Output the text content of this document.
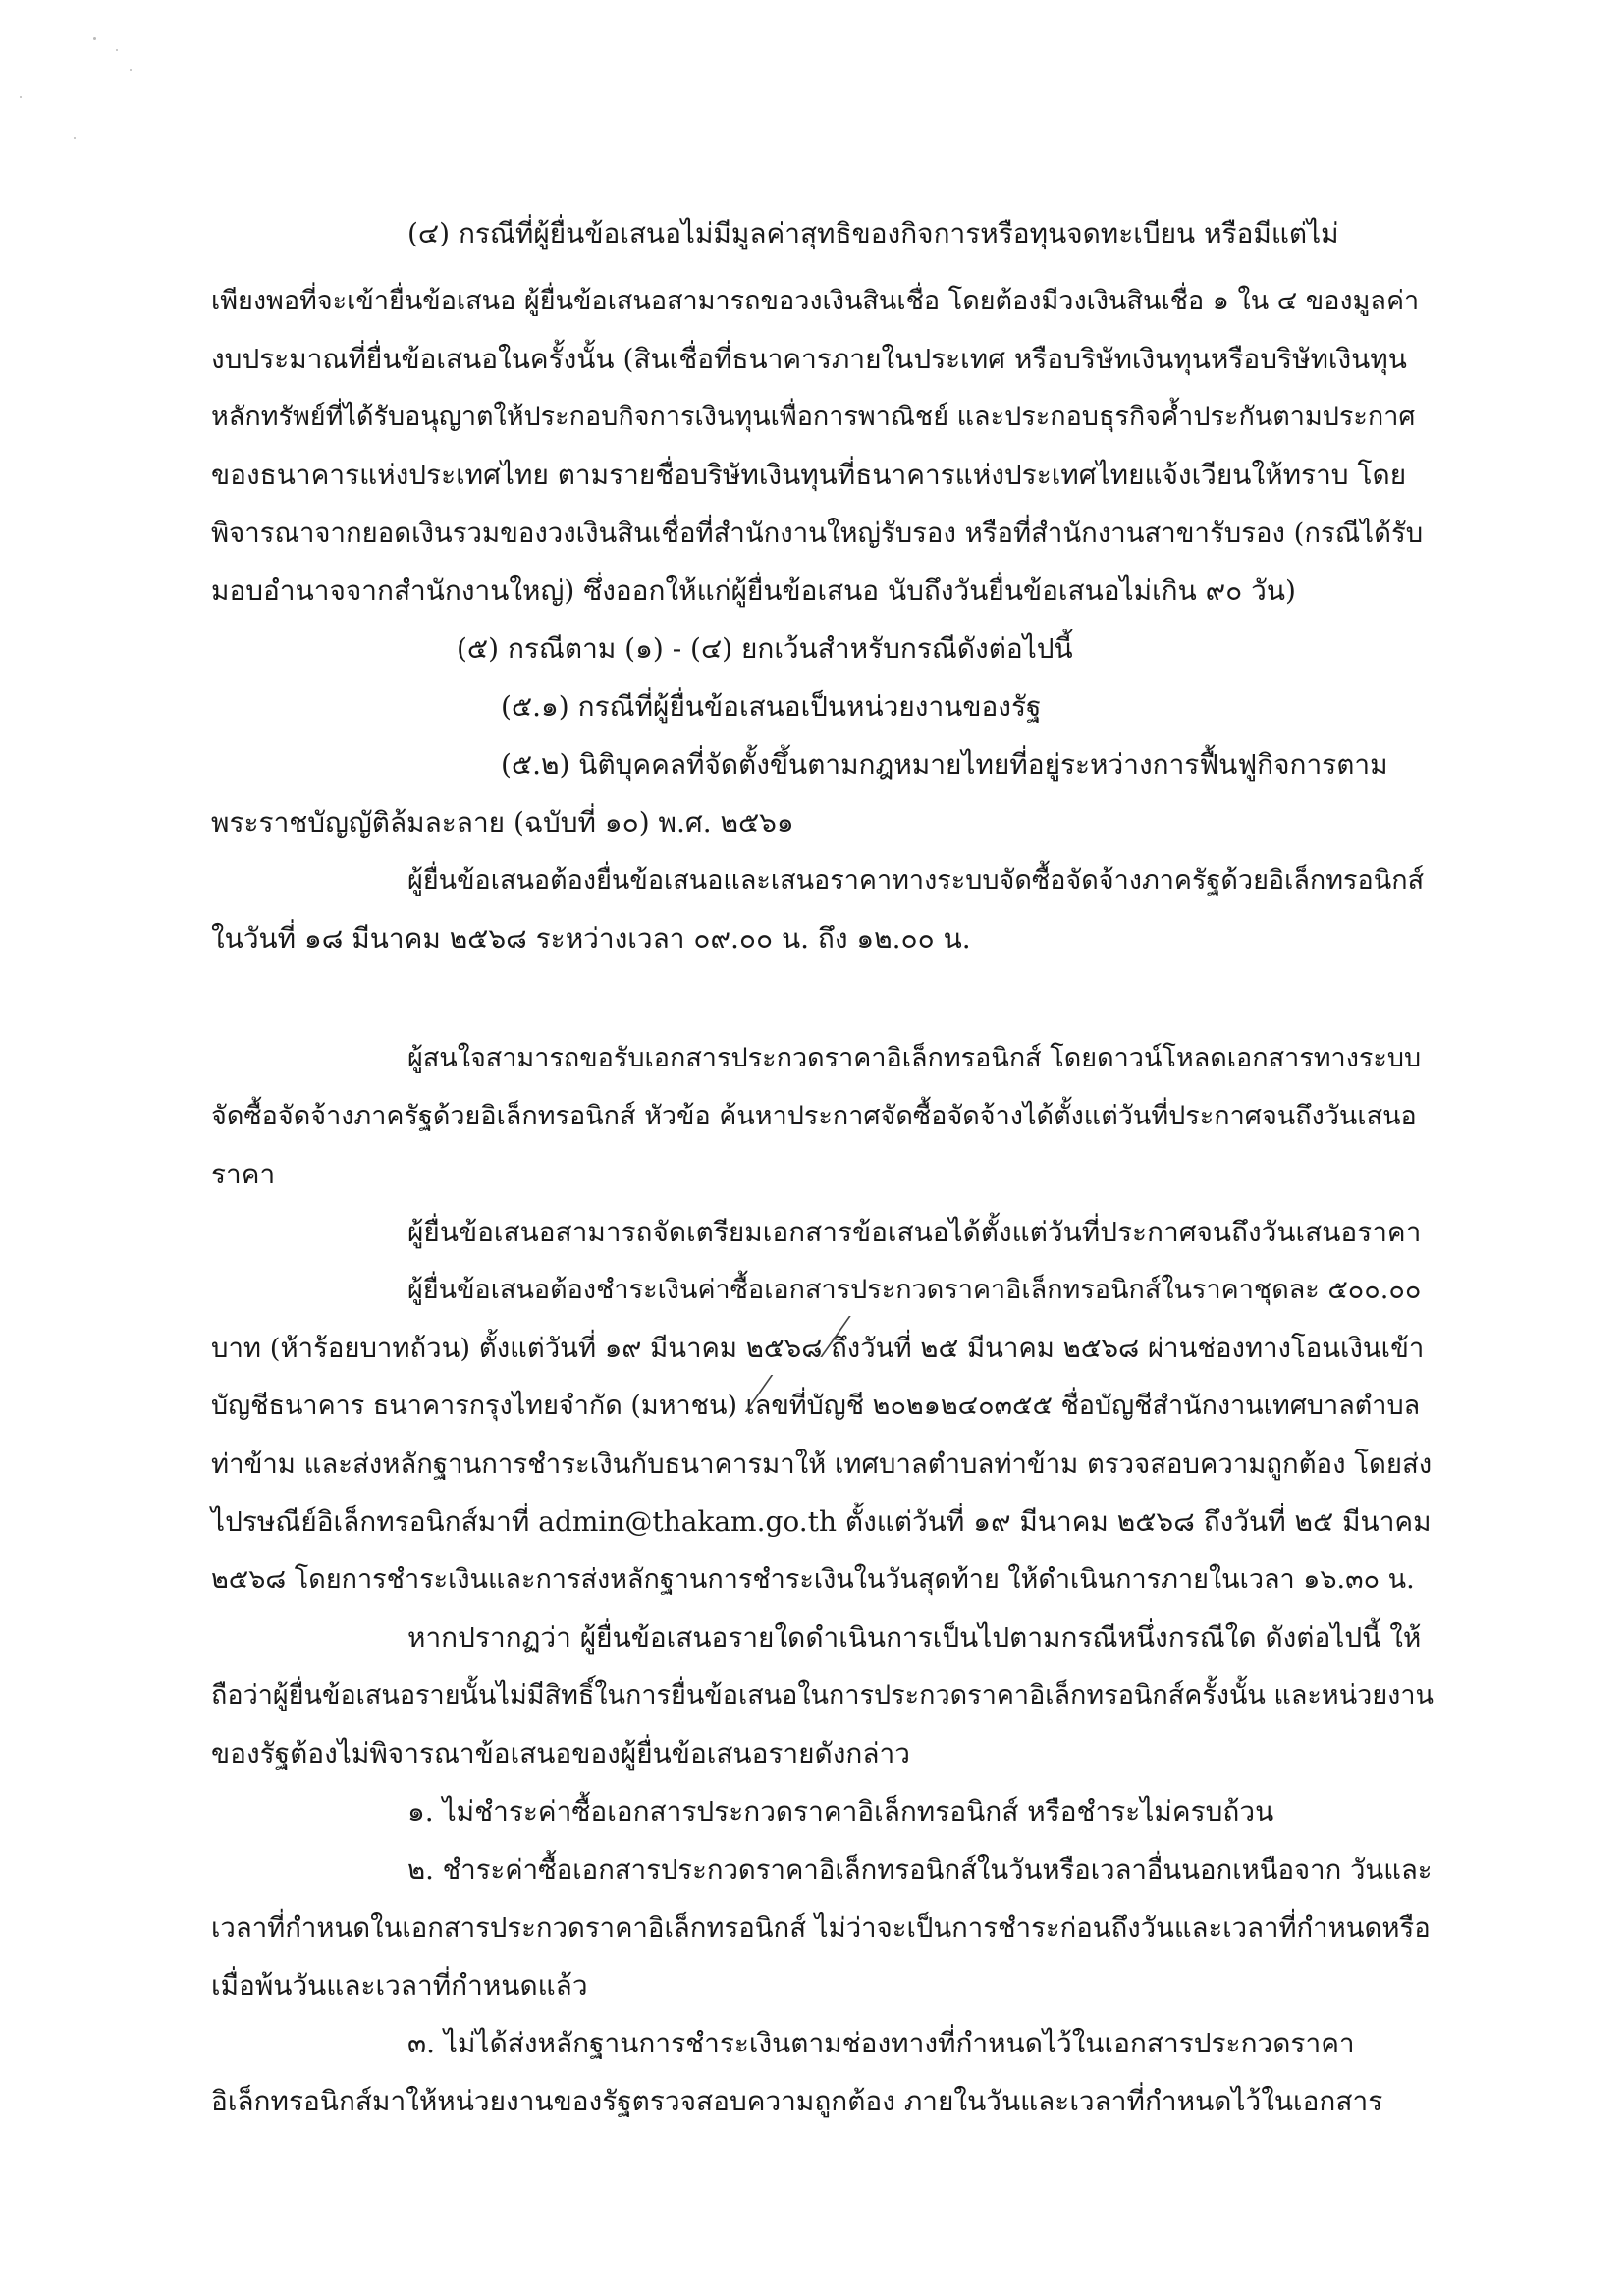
(๔) กรณีที่ผู้ยื่นข้อเสนอไม่มีมูลค่าสุทธิของกิจการหรือทุนจดทะเบียน หรือมีแต่ไม่
เพียงพอที่จะเข้ายื่นข้อเสนอ ผู้ยื่นข้อเสนอสามารถขอวงเงินสินเชื่อ โดยต้องมีวงเงินสินเชื่อ ๑ ใน ๔ ของมูลค่า
งบประมาณที่ยื่นข้อเสนอในครั้งนั้น (สินเชื่อที่ธนาคารภายในประเทศ หรือบริษัทเงินทุนหรือบริษัทเงินทุน
หลักทรัพย์ที่ได้รับอนุญาตให้ประกอบกิจการเงินทุนเพื่อการพาณิชย์ และประกอบธุรกิจค้ำประกันตามประกาศ
ของธนาคารแห่งประเทศไทย ตามรายชื่อบริษัทเงินทุนที่ธนาคารแห่งประเทศไทยแจ้งเวียนให้ทราบ โดย
พิจารณาจากยอดเงินรวมของวงเงินสินเชื่อที่สำนักงานใหญ่รับรอง หรือที่สำนักงานสาขารับรอง (กรณีได้รับ
มอบอำนาจจากสำนักงานใหญ่) ซึ่งออกให้แก่ผู้ยื่นข้อเสนอ นับถึงวันยื่นข้อเสนอไม่เกิน ๙๐ วัน)
(๕) กรณีตาม (๑) - (๔) ยกเว้นสำหรับกรณีดังต่อไปนี้
(๕.๑) กรณีที่ผู้ยื่นข้อเสนอเป็นหน่วยงานของรัฐ
(๕.๒) นิติบุคคลที่จัดตั้งขึ้นตามกฎหมายไทยที่อยู่ระหว่างการฟื้นฟูกิจการตาม
พระราชบัญญัติล้มละลาย (ฉบับที่ ๑๐) พ.ศ. ๒๕๖๑
ผู้ยื่นข้อเสนอต้องยื่นข้อเสนอและเสนอราคาทางระบบจัดซื้อจัดจ้างภาครัฐด้วยอิเล็กทรอนิกส์
ในวันที่ ๑๘ มีนาคม ๒๕๖๘ ระหว่างเวลา ๐๙.๐๐ น. ถึง ๑๒.๐๐ น.
ผู้สนใจสามารถขอรับเอกสารประกวดราคาอิเล็กทรอนิกส์ โดยดาวน์โหลดเอกสารทางระบบ
จัดซื้อจัดจ้างภาครัฐด้วยอิเล็กทรอนิกส์ หัวข้อ ค้นหาประกาศจัดซื้อจัดจ้างได้ตั้งแต่วันที่ประกาศจนถึงวันเสนอ
ราคา
ผู้ยื่นข้อเสนอสามารถจัดเตรียมเอกสารข้อเสนอได้ตั้งแต่วันที่ประกาศจนถึงวันเสนอราคา
ผู้ยื่นข้อเสนอต้องชำระเงินค่าซื้อเอกสารประกวดราคาอิเล็กทรอนิกส์ในราคาชุดละ ๕๐๐.๐๐
บาท (ห้าร้อยบาทถ้วน) ตั้งแต่วันที่ ๑๙ มีนาคม ๒๕๖๘ ถึงวันที่ ๒๕ มีนาคม ๒๕๖๘ ผ่านช่องทางโอนเงินเข้า
บัญชีธนาคาร ธนาคารกรุงไทยจำกัด (มหาชน) เลขที่บัญชี ๒๐๒๑๒๔๐๓๕๕ ชื่อบัญชีสำนักงานเทศบาลตำบล
ท่าข้าม และส่งหลักฐานการชำระเงินกับธนาคารมาให้ เทศบาลตำบลท่าข้าม ตรวจสอบความถูกต้อง โดยส่ง
ไปรษณีย์อิเล็กทรอนิกส์มาที่ admin@thakam.go.th ตั้งแต่วันที่ ๑๙ มีนาคม ๒๕๖๘ ถึงวันที่ ๒๕ มีนาคม
๒๕๖๘ โดยการชำระเงินและการส่งหลักฐานการชำระเงินในวันสุดท้าย ให้ดำเนินการภายในเวลา ๑๖.๓๐ น.
หากปรากฏว่า ผู้ยื่นข้อเสนอรายใดดำเนินการเป็นไปตามกรณีหนึ่งกรณีใด ดังต่อไปนี้ ให้
ถือว่าผู้ยื่นข้อเสนอรายนั้นไม่มีสิทธิ์ในการยื่นข้อเสนอในการประกวดราคาอิเล็กทรอนิกส์ครั้งนั้น และหน่วยงาน
ของรัฐต้องไม่พิจารณาข้อเสนอของผู้ยื่นข้อเสนอรายดังกล่าว
๑. ไม่ชำระค่าซื้อเอกสารประกวดราคาอิเล็กทรอนิกส์ หรือชำระไม่ครบถ้วน
๒. ชำระค่าซื้อเอกสารประกวดราคาอิเล็กทรอนิกส์ในวันหรือเวลาอื่นนอกเหนือจาก วันและ
เวลาที่กำหนดในเอกสารประกวดราคาอิเล็กทรอนิกส์ ไม่ว่าจะเป็นการชำระก่อนถึงวันและเวลาที่กำหนดหรือ
เมื่อพ้นวันและเวลาที่กำหนดแล้ว
๓. ไม่ได้ส่งหลักฐานการชำระเงินตามช่องทางที่กำหนดไว้ในเอกสารประกวดราคา
อิเล็กทรอนิกส์มาให้หน่วยงานของรัฐตรวจสอบความถูกต้อง ภายในวันและเวลาที่กำหนดไว้ในเอกสาร
